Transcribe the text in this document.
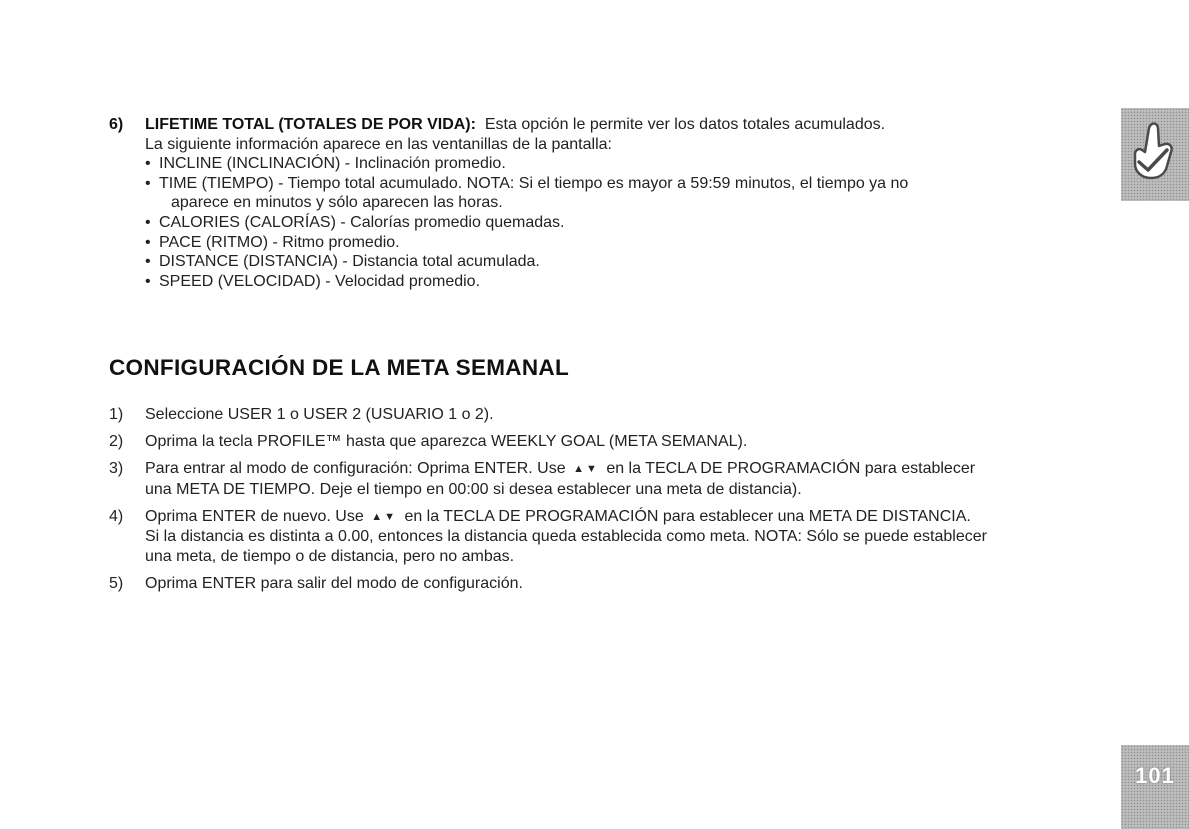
6) LIFETIME TOTAL (TOTALES DE POR VIDA): Esta opción le permite ver los datos totales acumulados.
La siguiente información aparece en las ventanillas de la pantalla:
• INCLINE (INCLINACIÓN) - Inclinación promedio.
• TIME (TIEMPO) - Tiempo total acumulado. NOTA: Si el tiempo es mayor a 59:59 minutos, el tiempo ya no
aparece en minutos y sólo aparecen las horas.
• CALORIES (CALORÍAS) - Calorías promedio quemadas.
• PACE (RITMO) - Ritmo promedio.
• DISTANCE (DISTANCIA) - Distancia total acumulada.
• SPEED (VELOCIDAD) - Velocidad promedio.
CONFIGURACIÓN DE LA META SEMANAL
1)	Seleccione USER 1 o USER 2 (USUARIO 1 o 2).
2)	Oprima la tecla PROFILE™ hasta que aparezca WEEKLY GOAL (META SEMANAL).
3)	Para entrar al modo de configuración: Oprima ENTER. Use ▲▼ en la TECLA DE PROGRAMACIÓN para establecer una META DE TIEMPO. Deje el tiempo en 00:00 si desea establecer una meta de distancia).
4)	Oprima ENTER de nuevo. Use ▲▼ en la TECLA DE PROGRAMACIÓN para establecer una META DE DISTANCIA. Si la distancia es distinta a 0.00, entonces la distancia queda establecida como meta. NOTA: Sólo se puede establecer una meta, de tiempo o de distancia, pero no ambas.
5)	Oprima ENTER para salir del modo de configuración.
101
